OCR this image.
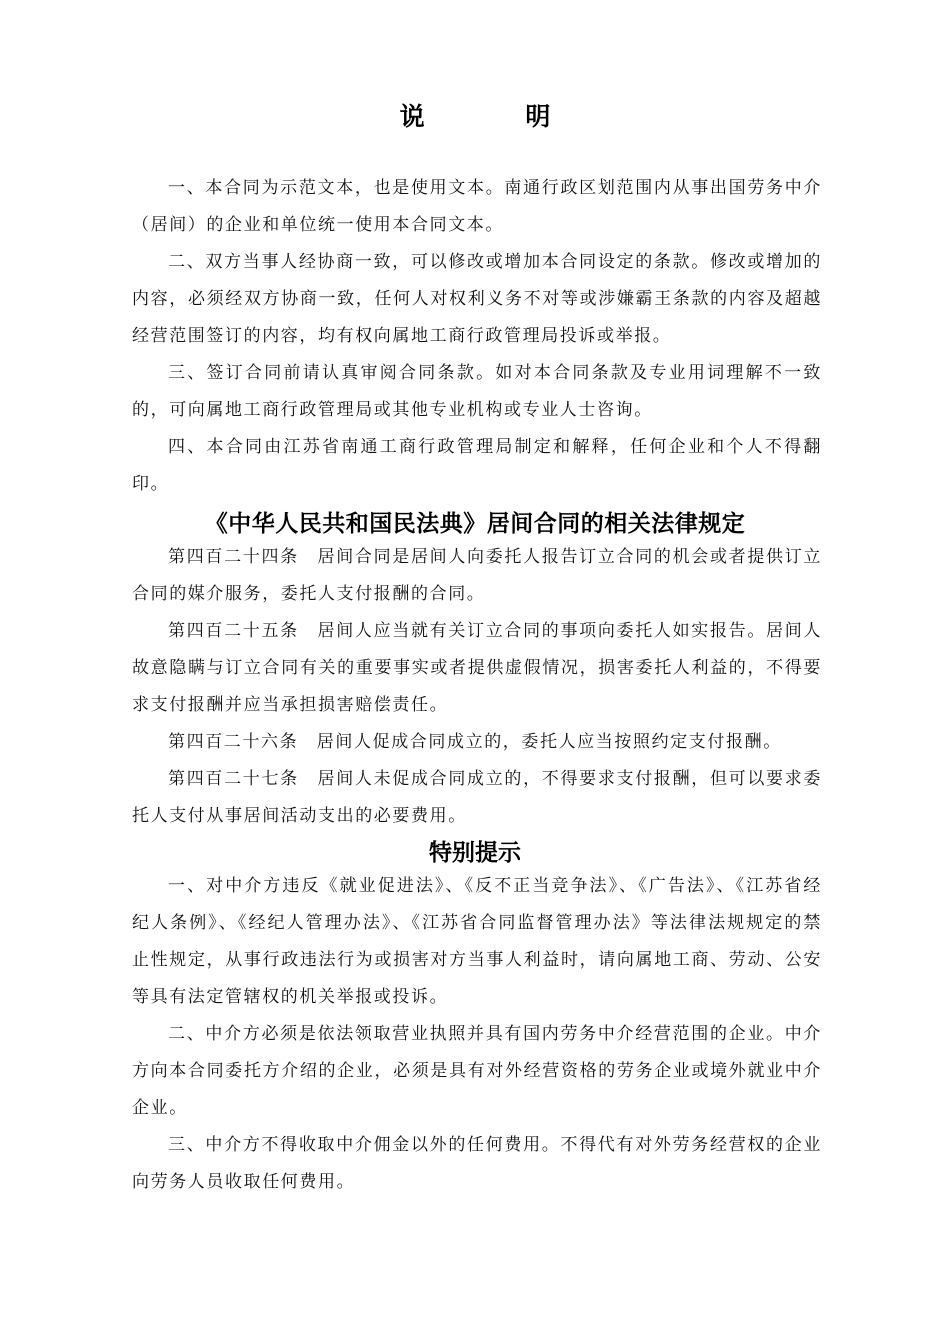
说 明

一、本合同为示范文本，也是使用文本。南通行政区划范围内从事出国劳务中介（居间）的企业和单位统一使用本合同文本。

二、双方当事人经协商一致，可以修改或增加本合同设定的条款。修改或增加的内容，必须经双方协商一致，任何人对权利义务不对等或涉嫌霸王条款的内容及超越经营范围签订的内容，均有权向属地工商行政管理局投诉或举报。

三、签订合同前请认真审阅合同条款。如对本合同条款及专业用词理解不一致的，可向属地工商行政管理局或其他专业机构或专业人士咨询。

四、本合同由江苏省南通工商行政管理局制定和解释，任何企业和个人不得翻印。

《中华人民共和国民法典》居间合同的相关法律规定

第四百二十四条　居间合同是居间人向委托人报告订立合同的机会或者提供订立合同的媒介服务，委托人支付报酬的合同。

第四百二十五条　居间人应当就有关订立合同的事项向委托人如实报告。居间人故意隐瞒与订立合同有关的重要事实或者提供虚假情况，损害委托人利益的，不得要求支付报酬并应当承担损害赔偿责任。

第四百二十六条　居间人促成合同成立的，委托人应当按照约定支付报酬。

第四百二十七条　居间人未促成合同成立的，不得要求支付报酬，但可以要求委托人支付从事居间活动支出的必要费用。

特别提示

一、对中介方违反《就业促进法》、《反不正当竞争法》、《广告法》、《江苏省经纪人条例》、《经纪人管理办法》、《江苏省合同监督管理办法》等法律法规规定的禁止性规定，从事行政违法行为或损害对方当事人利益时，请向属地工商、劳动、公安等具有法定管辖权的机关举报或投诉。

二、中介方必须是依法领取营业执照并具有国内劳务中介经营范围的企业。中介方向本合同委托方介绍的企业，必须是具有对外经营资格的劳务企业或境外就业中介企业。

三、中介方不得收取中介佣金以外的任何费用。不得代有对外劳务经营权的企业向劳务人员收取任何费用。
